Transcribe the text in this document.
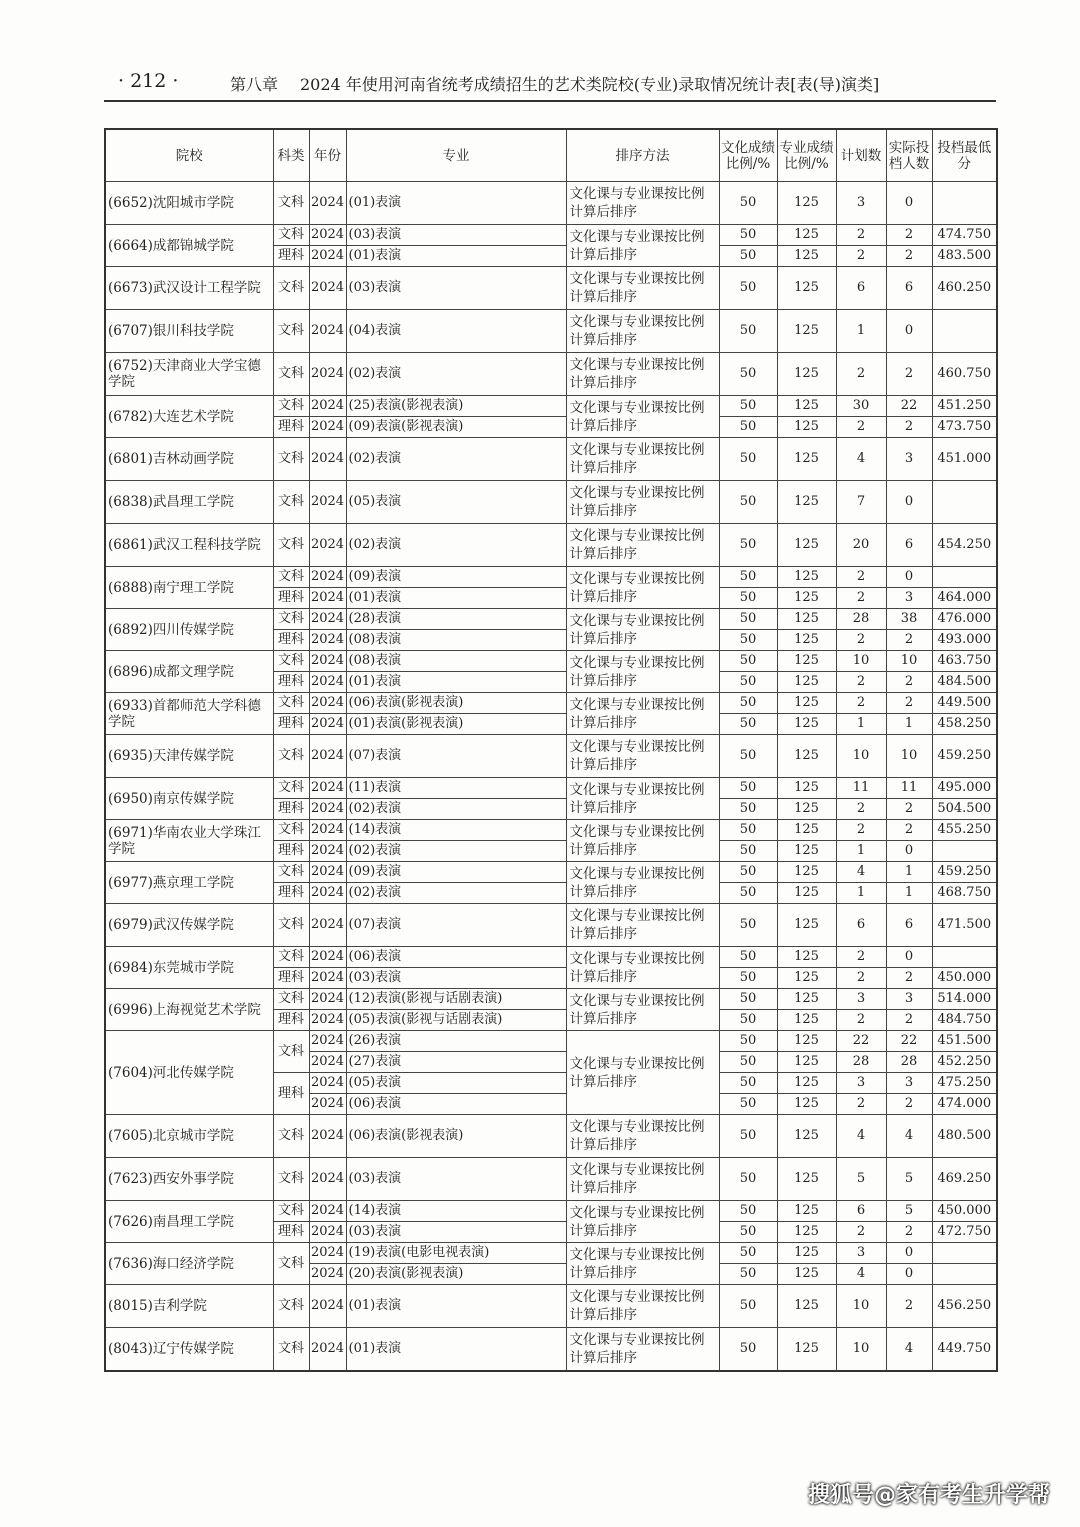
· 212 ·	第八章 2024 年使用河南省统考成绩招生的艺术类院校(专业)录取情况统计表[表(导)演类]
院校	科类	年份	专业	排序方法	文化成绩比例/%	专业成绩比例/%	计划数	实际投档人数	投档最低分
(6652)沈阳城市学院	文科	2024	(01)表演	文化课与专业课按比例计算后排序	50	125	3	0	
(6664)成都锦城学院	文科	2024	(03)表演	文化课与专业课按比例计算后排序	50	125	2	2	474.750
	理科	2024	(01)表演		50	125	2	2	483.500
(6673)武汉设计工程学院	文科	2024	(03)表演	文化课与专业课按比例计算后排序	50	125	6	6	460.250
(6707)银川科技学院	文科	2024	(04)表演	文化课与专业课按比例计算后排序	50	125	1	0	
(6752)天津商业大学宝德学院	文科	2024	(02)表演	文化课与专业课按比例计算后排序	50	125	2	2	460.750
(6782)大连艺术学院	文科	2024	(25)表演(影视表演)	文化课与专业课按比例计算后排序	50	125	30	22	451.250
	理科	2024	(09)表演(影视表演)		50	125	2	2	473.750
(6801)吉林动画学院	文科	2024	(02)表演	文化课与专业课按比例计算后排序	50	125	4	3	451.000
(6838)武昌理工学院	文科	2024	(05)表演	文化课与专业课按比例计算后排序	50	125	7	0	
(6861)武汉工程科技学院	文科	2024	(02)表演	文化课与专业课按比例计算后排序	50	125	20	6	454.250
(6888)南宁理工学院	文科	2024	(09)表演	文化课与专业课按比例计算后排序	50	125	2	0	
	理科	2024	(01)表演		50	125	2	3	464.000
(6892)四川传媒学院	文科	2024	(28)表演	文化课与专业课按比例计算后排序	50	125	28	38	476.000
	理科	2024	(08)表演		50	125	2	2	493.000
(6896)成都文理学院	文科	2024	(08)表演	文化课与专业课按比例计算后排序	50	125	10	10	463.750
	理科	2024	(01)表演		50	125	2	2	484.500
(6933)首都师范大学科德学院	文科	2024	(06)表演(影视表演)	文化课与专业课按比例计算后排序	50	125	2	2	449.500
	理科	2024	(01)表演(影视表演)		50	125	1	1	458.250
(6935)天津传媒学院	文科	2024	(07)表演	文化课与专业课按比例计算后排序	50	125	10	10	459.250
(6950)南京传媒学院	文科	2024	(11)表演	文化课与专业课按比例计算后排序	50	125	11	11	495.000
	理科	2024	(02)表演		50	125	2	2	504.500
(6971)华南农业大学珠江学院	文科	2024	(14)表演	文化课与专业课按比例计算后排序	50	125	2	2	455.250
	理科	2024	(02)表演		50	125	1	0	
(6977)燕京理工学院	文科	2024	(09)表演	文化课与专业课按比例计算后排序	50	125	4	1	459.250
	理科	2024	(02)表演		50	125	1	1	468.750
(6979)武汉传媒学院	文科	2024	(07)表演	文化课与专业课按比例计算后排序	50	125	6	6	471.500
(6984)东莞城市学院	文科	2024	(06)表演	文化课与专业课按比例计算后排序	50	125	2	0	
	理科	2024	(03)表演		50	125	2	2	450.000
(6996)上海视觉艺术学院	文科	2024	(12)表演(影视与话剧表演)	文化课与专业课按比例计算后排序	50	125	3	3	514.000
	理科	2024	(05)表演(影视与话剧表演)		50	125	2	2	484.750
(7604)河北传媒学院	文科	2024	(26)表演	文化课与专业课按比例计算后排序	50	125	22	22	451.500
		2024	(27)表演		50	125	28	28	452.250
	理科	2024	(05)表演		50	125	3	3	475.250
		2024	(06)表演		50	125	2	2	474.000
(7605)北京城市学院	文科	2024	(06)表演(影视表演)	文化课与专业课按比例计算后排序	50	125	4	4	480.500
(7623)西安外事学院	文科	2024	(03)表演	文化课与专业课按比例计算后排序	50	125	5	5	469.250
(7626)南昌理工学院	文科	2024	(14)表演	文化课与专业课按比例计算后排序	50	125	6	5	450.000
	理科	2024	(03)表演		50	125	2	2	472.750
(7636)海口经济学院	文科	2024	(19)表演(电影电视表演)	文化课与专业课按比例计算后排序	50	125	3	0	
		2024	(20)表演(影视表演)		50	125	4	0	
(8015)吉利学院	文科	2024	(01)表演	文化课与专业课按比例计算后排序	50	125	10	2	456.250
(8043)辽宁传媒学院	文科	2024	(01)表演	文化课与专业课按比例计算后排序	50	125	10	4	449.750
搜狐号@家有考生升学帮
